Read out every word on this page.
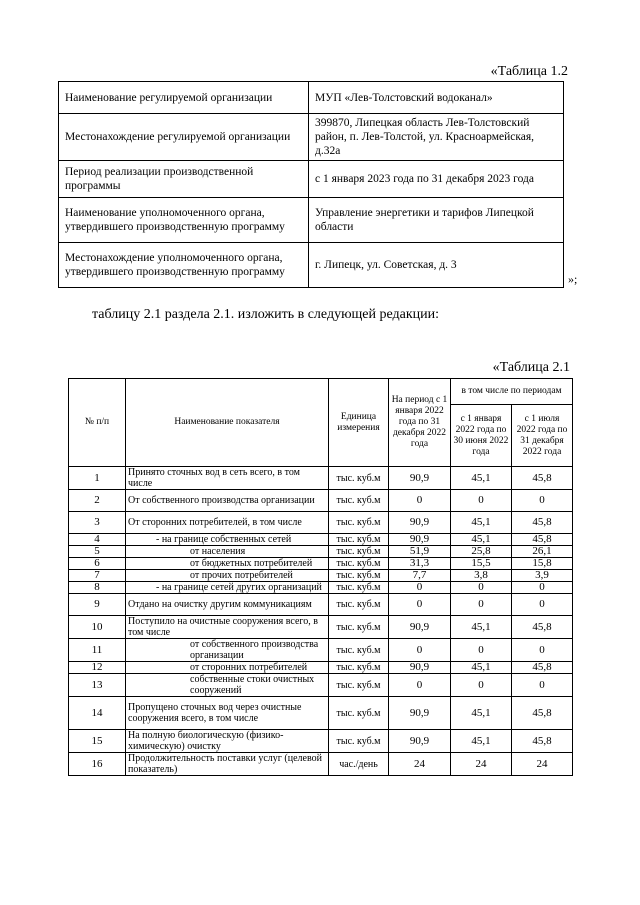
«Таблица 1.2
Наименование регулируемой организации	МУП «Лев-Толстовский водоканал»
Местонахождение регулируемой организации	399870, Липецкая область Лев-Толстовский район, п. Лев-Толстой, ул. Красноармейская, д.32а
Период реализации производственной программы	с 1 января 2023 года по 31 декабря 2023 года
Наименование уполномоченного органа, утвердившего производственную программу	Управление энергетики и тарифов Липецкой области
Местонахождение уполномоченного органа, утвердившего производственную программу	г. Липецк, ул. Советская, д. 3
»;
таблицу 2.1 раздела 2.1. изложить в следующей редакции:
«Таблица 2.1
№ п/п	Наименование показателя	Единица измерения	На период с 1 января 2022 года по 31 декабря 2022 года	в том числе по периодам	
				с 1 января 2022 года по 30 июня 2022 года	с 1 июля 2022 года по 31 декабря 2022 года
1	Принято сточных вод в сеть всего, в том числе	тыс. куб.м	90,9	45,1	45,8
2	От собственного производства организации	тыс. куб.м	0	0	0
3	От сторонних потребителей, в том числе	тыс. куб.м	90,9	45,1	45,8
4	- на границе собственных сетей	тыс. куб.м	90,9	45,1	45,8
5	от населения	тыс. куб.м	51,9	25,8	26,1
6	от бюджетных потребителей	тыс. куб.м	31,3	15,5	15,8
7	от прочих потребителей	тыс. куб.м	7,7	3,8	3,9
8	- на границе сетей других организаций	тыс. куб.м	0	0	0
9	Отдано на очистку другим коммуникациям	тыс. куб.м	0	0	0
10	Поступило на очистные сооружения всего, в том числе	тыс. куб.м	90,9	45,1	45,8
11	от собственного производства организации	тыс. куб.м	0	0	0
12	от сторонних потребителей	тыс. куб.м	90,9	45,1	45,8
13	собственные стоки очистных сооружений	тыс. куб.м	0	0	0
14	Пропущено сточных вод через очистные сооружения всего, в том числе	тыс. куб.м	90,9	45,1	45,8
15	На полную биологическую (физико-химическую) очистку	тыс. куб.м	90,9	45,1	45,8
16	Продолжительность поставки услуг (целевой показатель)	час./день	24	24	24
